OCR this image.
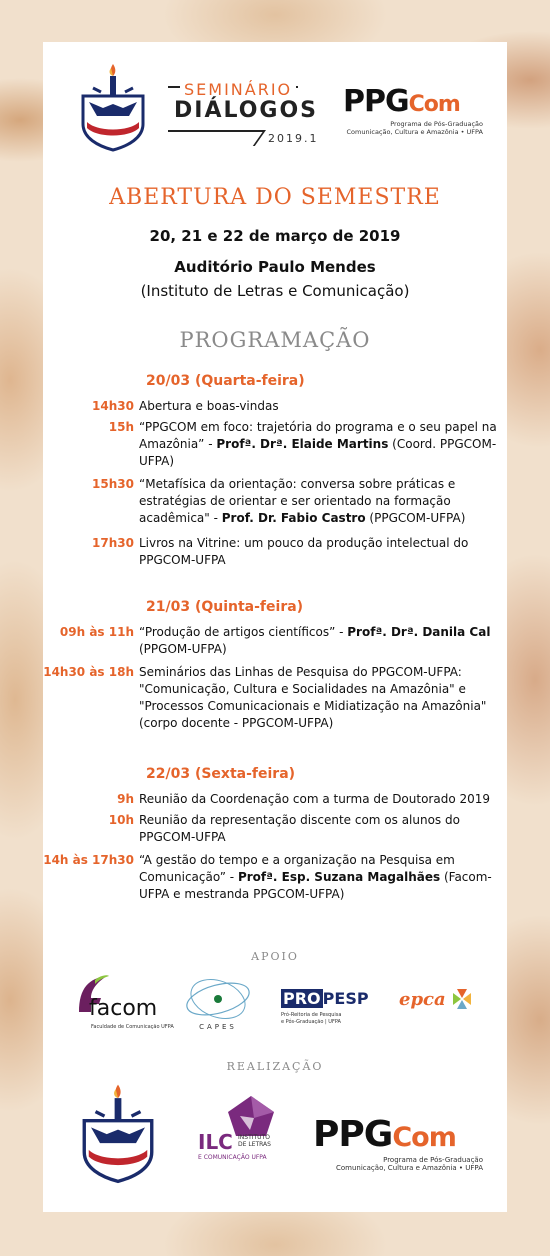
SEMINÁRIO
DIÁLOGOS
2019.1
PPGCom
Programa de Pós-Graduação
Comunicação, Cultura e Amazônia • UFPA
ABERTURA DO SEMESTRE
20, 21 e 22 de março de 2019
Auditório Paulo Mendes
(Instituto de Letras e Comunicação)
PROGRAMAÇÃO
20/03 (Quarta-feira)
14h30 Abertura e boas-vindas
15h “PPGCOM em foco: trajetória do programa e o seu papel na Amazônia” - Profª. Drª. Elaide Martins (Coord. PPGCOM-UFPA)
15h30 “Metafísica da orientação: conversa sobre práticas e estratégias de orientar e ser orientado na formação acadêmica" - Prof. Dr. Fabio Castro (PPGCOM-UFPA)
17h30 Livros na Vitrine: um pouco da produção intelectual do PPGCOM-UFPA
21/03 (Quinta-feira)
09h às 11h “Produção de artigos científicos” - Profª. Drª. Danila Cal (PPGOM-UFPA)
14h30 às 18h Seminários das Linhas de Pesquisa do PPGCOM-UFPA: "Comunicação, Cultura e Socialidades na Amazônia" e "Processos Comunicacionais e Midiatização na Amazônia" (corpo docente - PPGCOM-UFPA)
22/03 (Sexta-feira)
9h Reunião da Coordenação com a turma de Doutorado 2019
10h Reunião da representação discente com os alunos do PPGCOM-UFPA
14h às 17h30 “A gestão do tempo e a organização na Pesquisa em Comunicação” - Profª. Esp. Suzana Magalhães (Facom-UFPA e mestranda PPGCOM-UFPA)
APOIO
facom
Faculdade de Comunicação UFPA	CAPES
PRO PESP
Pró-Reitoria de Pesquisa
e Pós-Graduação | UFPA
epca
REALIZAÇÃO
ILC INSTITUTO
DE LETRAS
E COMUNICAÇÃO UFPA
PPGCom
Programa de Pós-Graduação
Comunicação, Cultura e Amazônia • UFPA
